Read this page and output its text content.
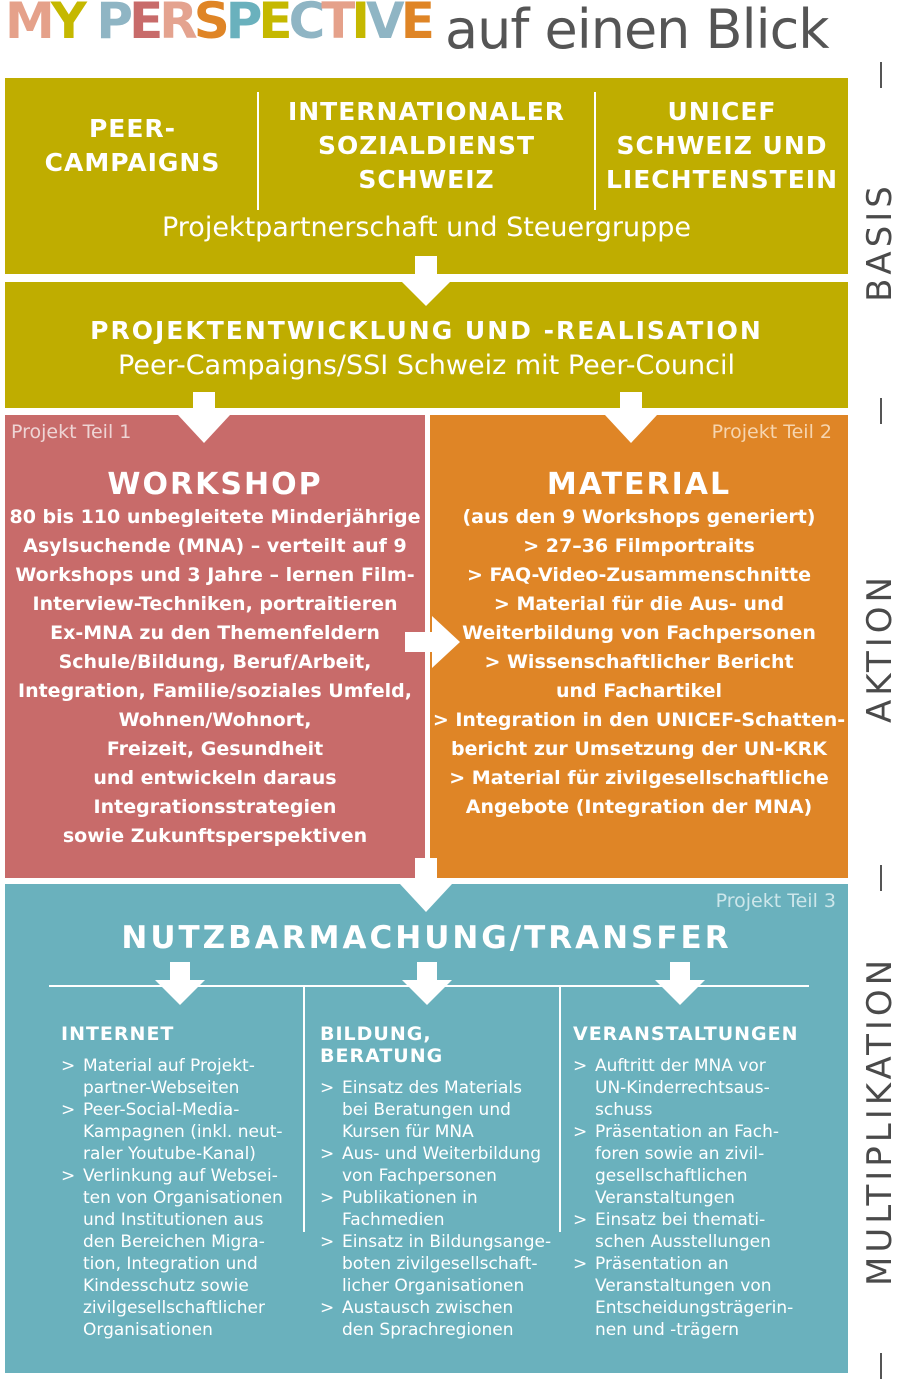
MY PERSPECTIVE auf einen Blick
PEER-
CAMPAIGNS
INTERNATIONALER
SOZIALDIENST
SCHWEIZ
UNICEF
SCHWEIZ UND
LIECHTENSTEIN
Projektpartnerschaft und Steuergruppe
PROJEKTENTWICKLUNG UND -REALISATION
Peer-Campaigns/SSI Schweiz mit Peer-Council
Projekt Teil 1
WORKSHOP
80 bis 110 unbegleitete Minderjährige
Asylsuchende (MNA) – verteilt auf 9
Workshops und 3 Jahre – lernen Film-
Interview-Techniken, portraitieren
Ex-MNA zu den Themenfeldern
Schule/Bildung, Beruf/Arbeit,
Integration, Familie/soziales Umfeld,
Wohnen/Wohnort,
Freizeit, Gesundheit
und entwickeln daraus
Integrationsstrategien
sowie Zukunftsperspektiven
Projekt Teil 2
MATERIAL
(aus den 9 Workshops generiert)
> 27–36 Filmportraits
> FAQ-Video-Zusammenschnitte
> Material für die Aus- und
Weiterbildung von Fachpersonen
> Wissenschaftlicher Bericht
und Fachartikel
> Integration in den UNICEF-Schatten-
bericht zur Umsetzung der UN-KRK
> Material für zivilgesellschaftliche
Angebote (Integration der MNA)
Projekt Teil 3
NUTZBARMACHUNG/TRANSFER
INTERNET
> Material auf Projekt-
partner-Webseiten
> Peer-Social-Media-
Kampagnen (inkl. neut-
raler Youtube-Kanal)
> Verlinkung auf Websei-
ten von Organisationen
und Institutionen aus
den Bereichen Migra-
tion, Integration und
Kindesschutz sowie
zivilgesellschaftlicher
Organisationen
BILDUNG, BERATUNG
> Einsatz des Materials
bei Beratungen und
Kursen für MNA
> Aus- und Weiterbildung
von Fachpersonen
> Publikationen in
Fachmedien
> Einsatz in Bildungsange-
boten zivilgesellschaft-
licher Organisationen
> Austausch zwischen
den Sprachregionen
VERANSTALTUNGEN
> Auftritt der MNA vor
UN-Kinderrechtsaus-
schuss
> Präsentation an Fach-
foren sowie an zivil-
gesellschaftlichen
Veranstaltungen
> Einsatz bei themati-
schen Ausstellungen
> Präsentation an
Veranstaltungen von
Entscheidungsträgerin-
nen und -trägern
BASIS
AKTION
MULTIPLIKATION
